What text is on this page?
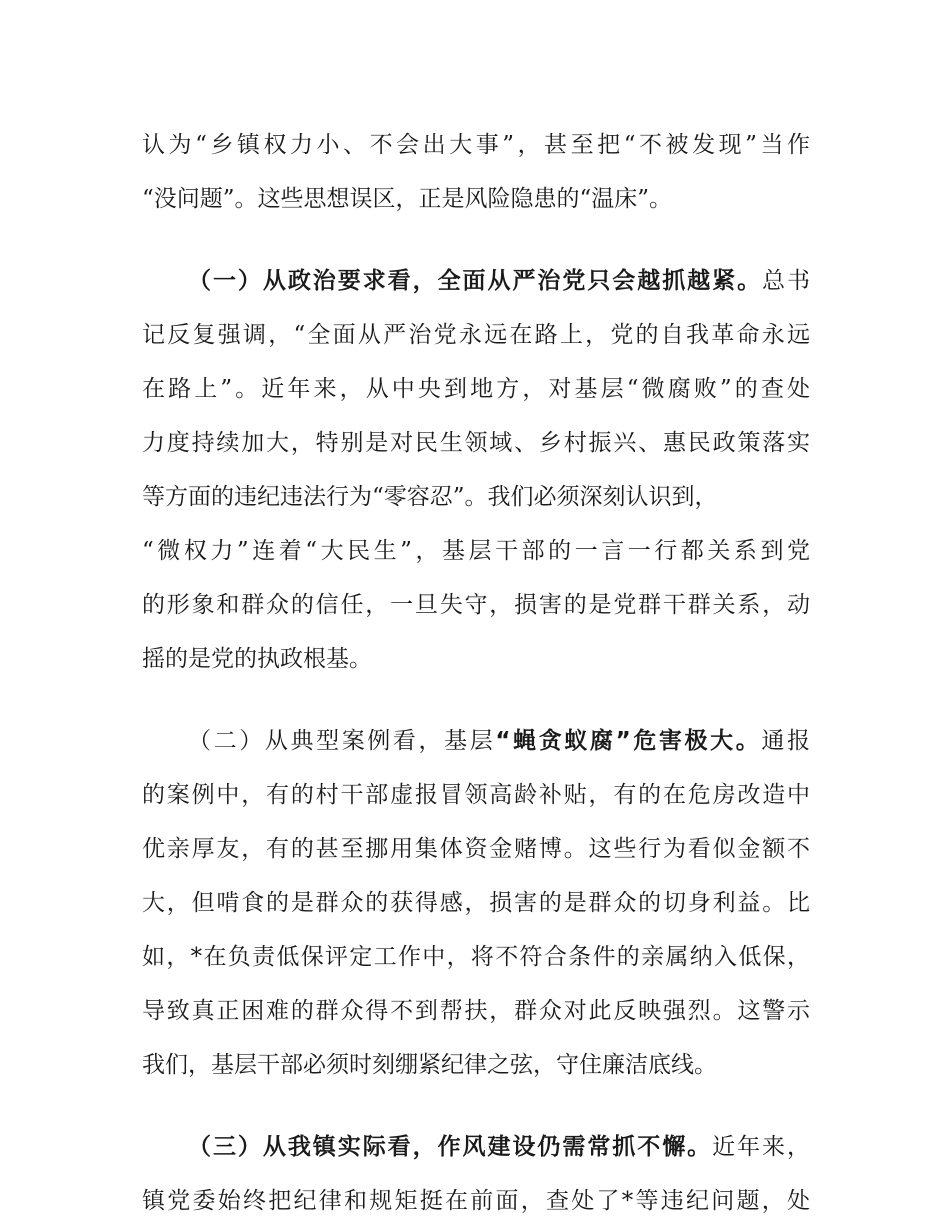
认为“乡镇权力小、不会出大事”，甚至把“不被发现”当作
“没问题”。这些思想误区，正是风险隐患的“温床”。
（一）从政治要求看，全面从严治党只会越抓越紧。总书
记反复强调，“全面从严治党永远在路上，党的自我革命永远
在路上”。近年来，从中央到地方，对基层“微腐败”的查处
力度持续加大，特别是对民生领域、乡村振兴、惠民政策落实
等方面的违纪违法行为“零容忍”。我们必须深刻认识到，
“微权力”连着“大民生”，基层干部的一言一行都关系到党
的形象和群众的信任，一旦失守，损害的是党群干群关系，动
摇的是党的执政根基。
（二）从典型案例看，基层“蝇贪蚁腐”危害极大。通报
的案例中，有的村干部虚报冒领高龄补贴，有的在危房改造中
优亲厚友，有的甚至挪用集体资金赌博。这些行为看似金额不
大，但啃食的是群众的获得感，损害的是群众的切身利益。比
如，*在负责低保评定工作中，将不符合条件的亲属纳入低保，
导致真正困难的群众得不到帮扶，群众对此反映强烈。这警示
我们，基层干部必须时刻绷紧纪律之弦，守住廉洁底线。
（三）从我镇实际看，作风建设仍需常抓不懈。近年来，
镇党委始终把纪律和规矩挺在前面，查处了*等违纪问题，处
